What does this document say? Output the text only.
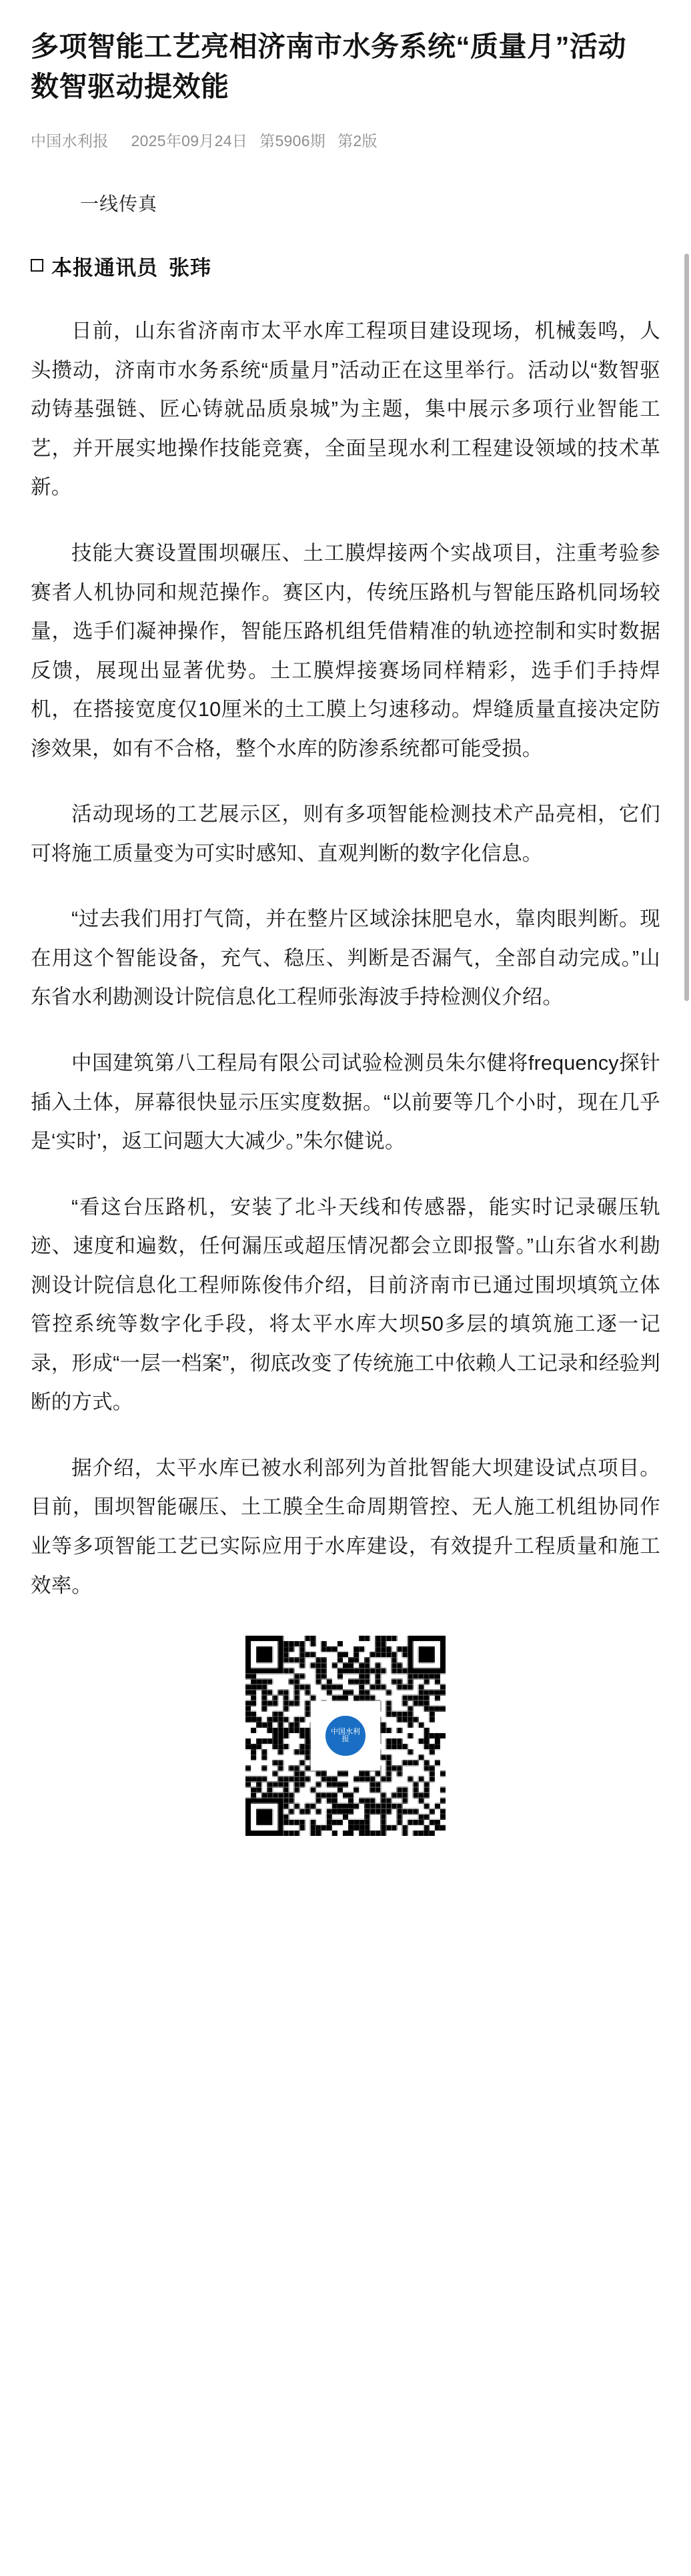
多项智能工艺亮相济南市水务系统“质量月”活动 数智驱动提效能
中国水利报 2025年09月24日 第5906期 第2版
一线传真
本报通讯员 张玮

日前，山东省济南市太平水库工程项目建设现场，机械轰鸣，人头攒动，济南市水务系统“质量月”活动正在这里举行。活动以“数智驱动铸基强链、匠心铸就品质泉城”为主题，集中展示多项行业智能工艺，并开展实地操作技能竞赛，全面呈现水利工程建设领域的技术革新。

技能大赛设置围坝碾压、土工膜焊接两个实战项目，注重考验参赛者人机协同和规范操作。赛区内，传统压路机与智能压路机同场较量，选手们凝神操作，智能压路机组凭借精准的轨迹控制和实时数据反馈，展现出显著优势。土工膜焊接赛场同样精彩，选手们手持焊机，在搭接宽度仅10厘米的土工膜上匀速移动。焊缝质量直接决定防渗效果，如有不合格，整个水库的防渗系统都可能受损。

活动现场的工艺展示区，则有多项智能检测技术产品亮相，它们可将施工质量变为可实时感知、直观判断的数字化信息。

“过去我们用打气筒，并在整片区域涂抹肥皂水，靠肉眼判断。现在用这个智能设备，充气、稳压、判断是否漏气，全部自动完成。”山东省水利勘测设计院信息化工程师张海波手持检测仪介绍。

中国建筑第八工程局有限公司试验检测员朱尔健将frequency探针插入土体，屏幕很快显示压实度数据。“以前要等几个小时，现在几乎是‘实时’，返工问题大大减少。”朱尔健说。

“看这台压路机，安装了北斗天线和传感器，能实时记录碾压轨迹、速度和遍数，任何漏压或超压情况都会立即报警。”山东省水利勘测设计院信息化工程师陈俊伟介绍，目前济南市已通过围坝填筑立体管控系统等数字化手段，将太平水库大坝50多层的填筑施工逐一记录，形成“一层一档案”，彻底改变了传统施工中依赖人工记录和经验判断的方式。

据介绍，太平水库已被水利部列为首批智能大坝建设试点项目。目前，围坝智能碾压、土工膜全生命周期管控、无人施工机组协同作业等多项智能工艺已实际应用于水库建设，有效提升工程质量和施工效率。

中国水利报
